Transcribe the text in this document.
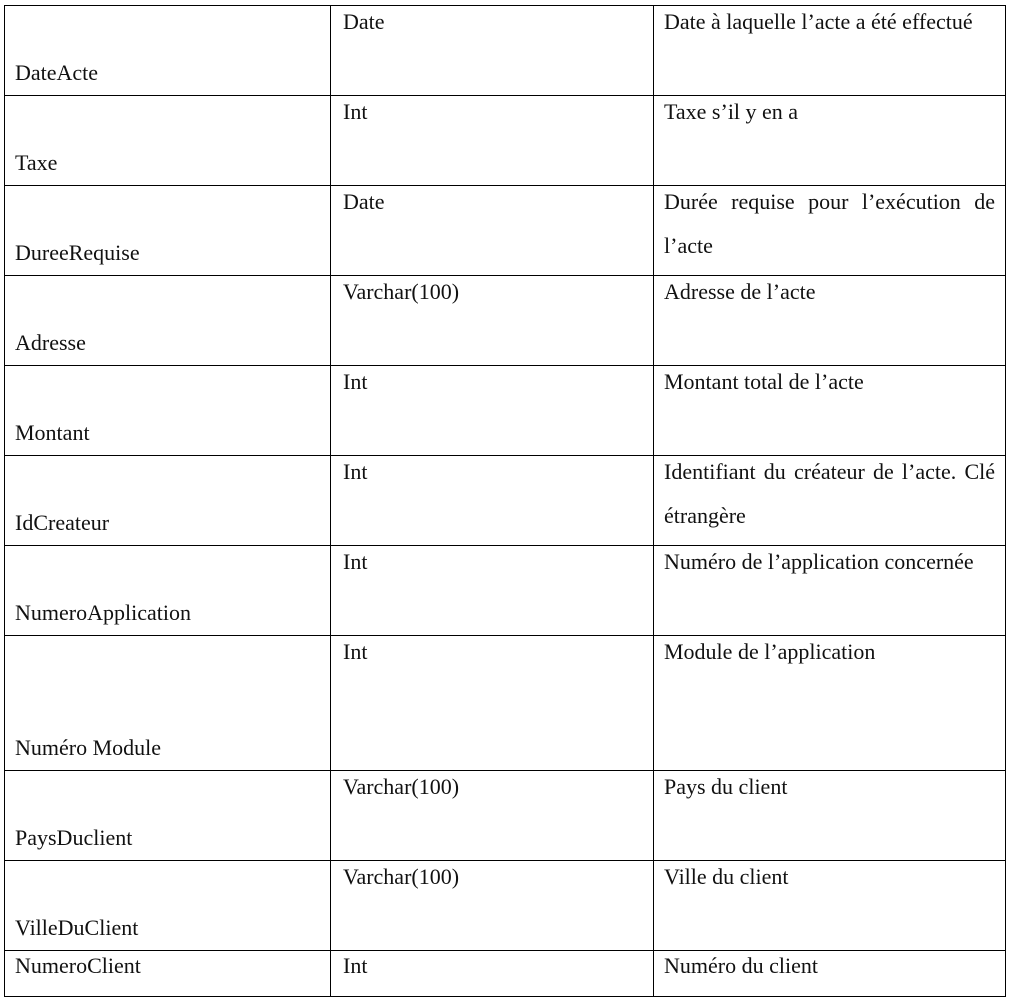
DateActe	Date	Date à laquelle l’acte a été effectué

Taxe	Int	Taxe s’il y en a

DureeRequise	Date	Durée requise pour l’exécution de l’acte

Adresse	Varchar(100)	Adresse de l’acte

Montant	Int	Montant total de l’acte

IdCreateur	Int	Identifiant du créateur de l’acte. Clé étrangère

NumeroApplication	Int	Numéro de l’application concernée

Numéro Module	Int	Module de l’application

PaysDuclient	Varchar(100)	Pays du client

VilleDuClient	Varchar(100)	Ville du client

NumeroClient	Int	Numéro du client
